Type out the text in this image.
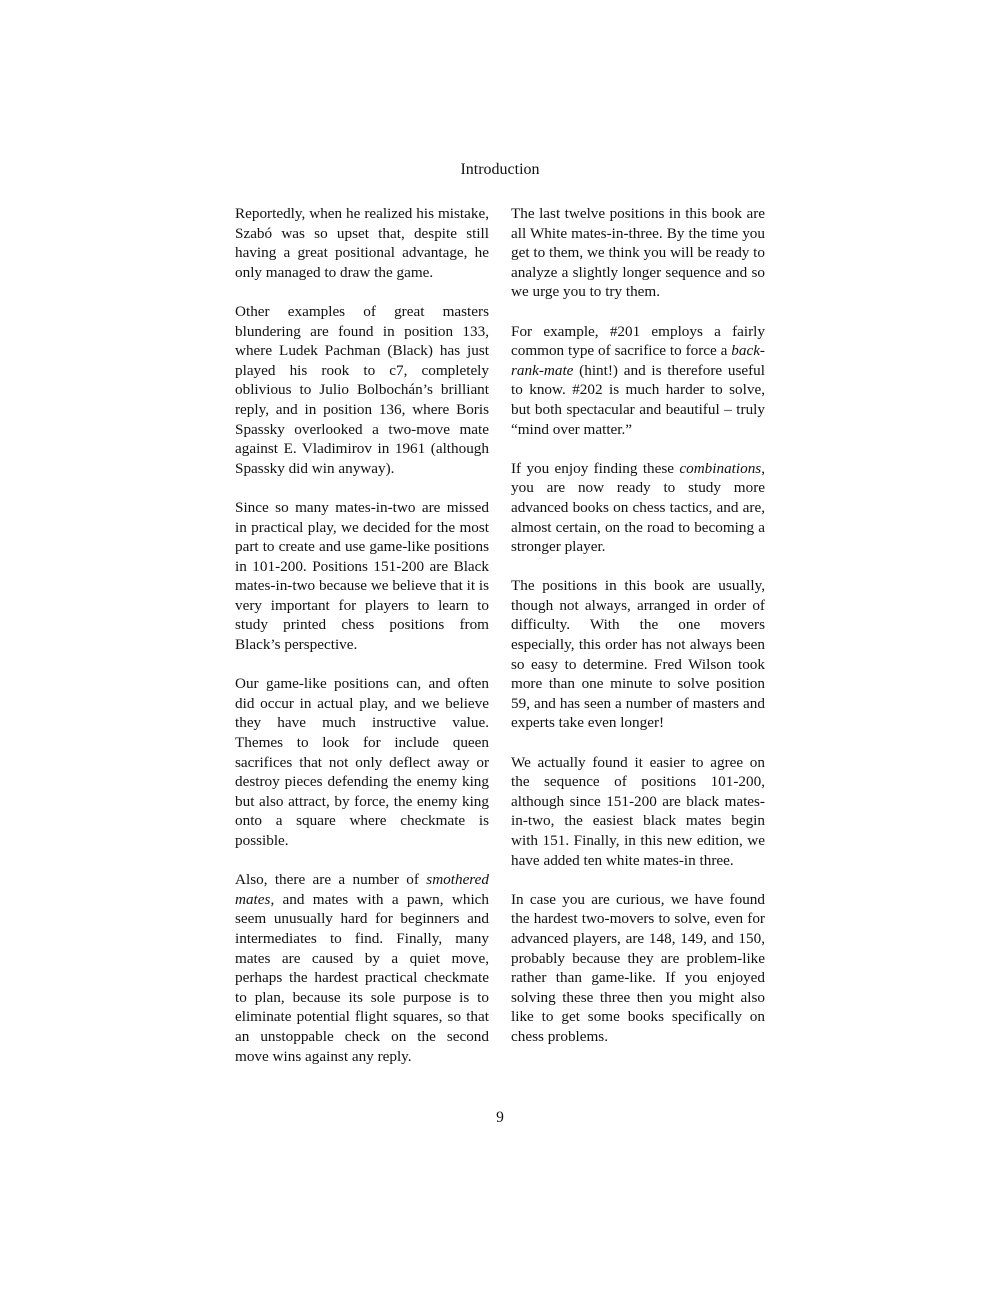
Introduction

Reportedly, when he realized his mistake, Szabó was so upset that, despite still having a great positional advantage, he only managed to draw the game.

Other examples of great masters blundering are found in position 133, where Ludek Pachman (Black) has just played his rook to c7, completely oblivious to Julio Bolbochán’s brilliant reply, and in position 136, where Boris Spassky overlooked a two-move mate against E. Vladimirov in 1961 (although Spassky did win anyway).

Since so many mates-in-two are missed in practical play, we decided for the most part to create and use game-like positions in 101-200. Positions 151-200 are Black mates-in-two because we believe that it is very important for players to learn to study printed chess positions from Black’s perspective.

Our game-like positions can, and often did occur in actual play, and we believe they have much instructive value. Themes to look for include queen sacrifices that not only deflect away or destroy pieces defending the enemy king but also attract, by force, the enemy king onto a square where checkmate is possible.

Also, there are a number of smothered mates, and mates with a pawn, which seem unusually hard for beginners and intermediates to find. Finally, many mates are caused by a quiet move, perhaps the hardest practical checkmate to plan, because its sole purpose is to eliminate potential flight squares, so that an unstoppable check on the second move wins against any reply.

The last twelve positions in this book are all White mates-in-three. By the time you get to them, we think you will be ready to analyze a slightly longer sequence and so we urge you to try them.

For example, #201 employs a fairly common type of sacrifice to force a back-rank-mate (hint!) and is therefore useful to know. #202 is much harder to solve, but both spectacular and beautiful – truly “mind over matter.”

If you enjoy finding these combinations, you are now ready to study more advanced books on chess tactics, and are, almost certain, on the road to becoming a stronger player.

The positions in this book are usually, though not always, arranged in order of difficulty. With the one movers especially, this order has not always been so easy to determine. Fred Wilson took more than one minute to solve position 59, and has seen a number of masters and experts take even longer!

We actually found it easier to agree on the sequence of positions 101-200, although since 151-200 are black mates-in-two, the easiest black mates begin with 151. Finally, in this new edition, we have added ten white mates-in three.

In case you are curious, we have found the hardest two-movers to solve, even for advanced players, are 148, 149, and 150, probably because they are problem-like rather than game-like. If you enjoyed solving these three then you might also like to get some books specifically on chess problems.

9
